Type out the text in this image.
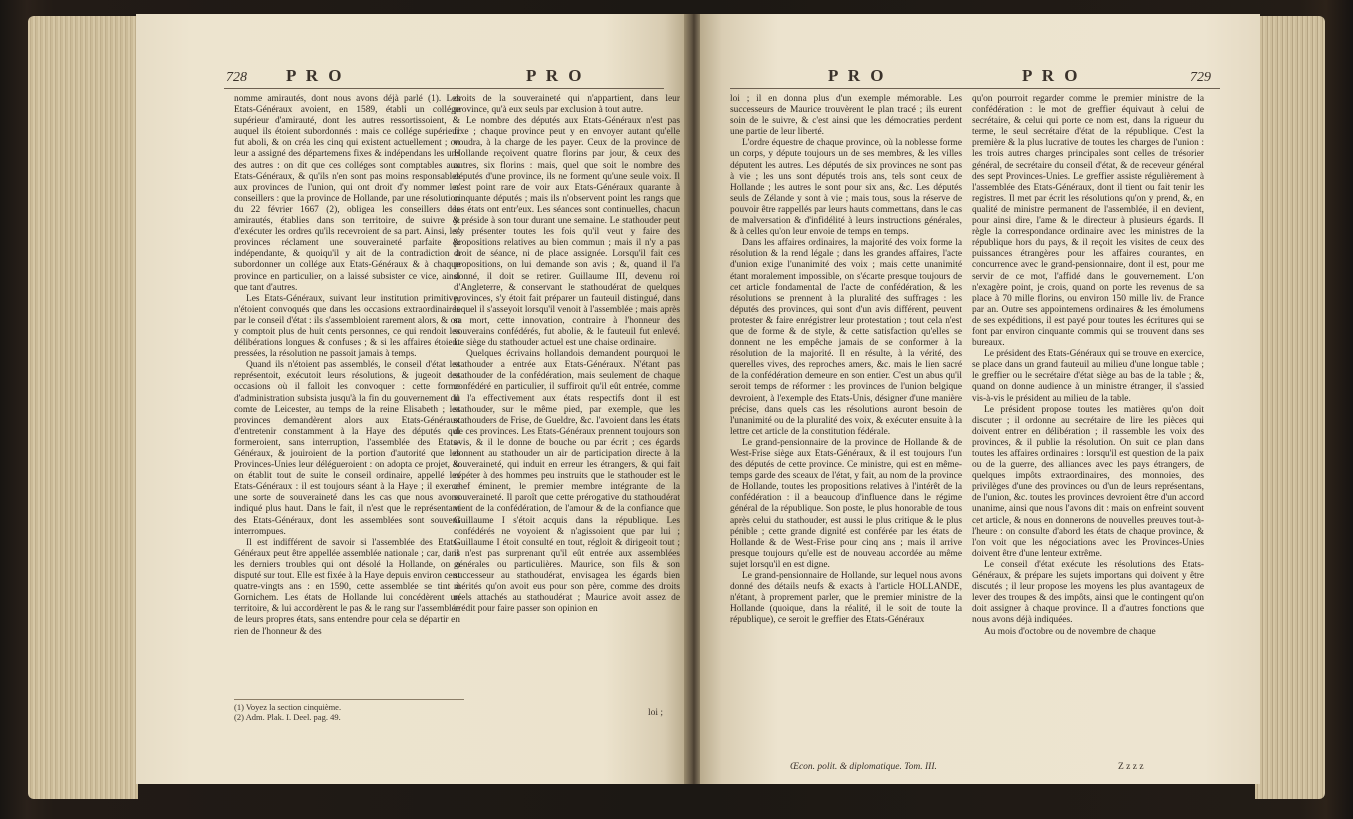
728 P R O	P R O

nomme amirautés, dont nous avons déjà parlé (1). Les Etats-Généraux avoient, en 1589, établi un collége supérieur d'amirauté, dont les autres ressortissoient, & auquel ils étoient subordonnés : mais ce collége supérieur fut aboli, & on créa les cinq qui existent actuellement ; on leur a assigné des départemens fixes & indépendans les uns des autres : on dit que ces colléges sont comptables aux Etats-Généraux, & qu'ils n'en sont pas moins responsables aux provinces de l'union, qui ont droit d'y nommer les conseillers : que la province de Hollande, par une résolution du 22 février 1667 (2), obligea les conseillers des amirautés, établies dans son territoire, de suivre & d'exécuter les ordres qu'ils recevroient de sa part. Ainsi, les provinces réclament une souveraineté parfaite & indépendante, & quoiqu'il y ait de la contradiction à subordonner un collége aux Etats-Généraux & à chaque province en particulier, on a laissé subsister ce vice, ainsi que tant d'autres.

Les Etats-Généraux, suivant leur institution primitive, n'étoient convoqués que dans les occasions extraordinaires par le conseil d'état : ils s'assembloient rarement alors, & on y comptoit plus de huit cents personnes, ce qui rendoit les délibérations longues & confuses ; & si les affaires étoient pressées, la résolution ne passoit jamais à temps.

Quand ils n'étoient pas assemblés, le conseil d'état les représentoit, exécutoit leurs résolutions, & jugeoit des occasions où il falloit les convoquer : cette forme d'administration subsista jusqu'à la fin du gouvernement du comte de Leicester, au temps de la reine Elisabeth ; les provinces demandèrent alors aux Etats-Généraux d'entretenir constamment à la Haye des députés qui formeroient, sans interruption, l'assemblée des Etats-Généraux, & jouiroient de la portion d'autorité que les Provinces-Unies leur délégueroient : on adopta ce projet, & on établit tout de suite le conseil ordinaire, appellé les Etats-Généraux : il est toujours séant à la Haye ; il exerce une sorte de souveraineté dans les cas que nous avons indiqué plus haut. Dans le fait, il n'est que le représentant des Etats-Généraux, dont les assemblées sont souvent interrompues.

Il est indifférent de savoir si l'assemblée des Etats-Généraux peut être appellée assemblée nationale ; car, dans les derniers troubles qui ont désolé la Hollande, on a disputé sur tout. Elle est fixée à la Haye depuis environ cent quatre-vingts ans : en 1590, cette assemblée se tint à Gornichem. Les états de Hollande lui concédèrent un territoire, & lui accordèrent le pas & le rang sur l'assemblée de leurs propres états, sans entendre pour cela se départir en rien de l'honneur & des

droits de la souveraineté qui n'appartient, dans leur province, qu'à eux seuls par exclusion à tout autre.

Le nombre des députés aux Etats-Généraux n'est pas fixe ; chaque province peut y en envoyer autant qu'elle voudra, à la charge de les payer. Ceux de la province de Hollande reçoivent quatre florins par jour, & ceux des autres, six florins : mais, quel que soit le nombre des députés d'une province, ils ne forment qu'une seule voix. Il n'est point rare de voir aux Etats-Généraux quarante à cinquante députés ; mais ils n'observent point les rangs que les états ont entr'eux. Les séances sont continuelles, chacun y préside à son tour durant une semaine. Le stathouder peut s'y présenter toutes les fois qu'il veut y faire des propositions relatives au bien commun ; mais il n'y a pas droit de séance, ni de place assignée. Lorsqu'il fait ces propositions, on lui demande son avis ; &, quand il l'a donné, il doit se retirer. Guillaume III, devenu roi d'Angleterre, & conservant le stathoudérat de quelques provinces, s'y étoit fait préparer un fauteuil distingué, dans lequel il s'asseyoit lorsqu'il venoit à l'assemblée ; mais après sa mort, cette innovation, contraire à l'honneur des souverains confédérés, fut abolie, & le fauteuil fut enlevé. Le siège du stathouder actuel est une chaise ordinaire.

Quelques écrivains hollandois demandent pourquoi le stathouder a entrée aux Etats-Généraux. N'étant pas stathouder de la confédération, mais seulement de chaque confédéré en particulier, il suffiroit qu'il eût entrée, comme il l'a effectivement aux états respectifs dont il est stathouder, sur le même pied, par exemple, que les stathouders de Frise, de Gueldre, &c. l'avoient dans les états de ces provinces. Les Etats-Généraux prennent toujours son avis, & il le donne de bouche ou par écrit ; ces égards donnent au stathouder un air de participation directe à la souveraineté, qui induit en erreur les étrangers, & qui fait répéter à des hommes peu instruits que le stathouder est le chef éminent, le premier membre intégrante de la souveraineté. Il paroît que cette prérogative du stathoudérat vient de la confédération, de l'amour & de la confiance que Guillaume I s'étoit acquis dans la république. Les confédérés ne voyoient & n'agissoient que par lui ; Guillaume I étoit consulté en tout, régloit & dirigeoit tout ; il n'est pas surprenant qu'il eût entrée aux assemblées générales ou particulières. Maurice, son fils & son successeur au stathoudérat, envisagea les égards bien mérités qu'on avoit eus pour son père, comme des droits réels attachés au stathoudérat ; Maurice avoit assez de crédit pour faire passer son opinion en

(1) Voyez la section cinquième.
(2) Adm. Plak. I. Deel. pag. 49.	loi ;
P R O	P R O	729

loi ; il en donna plus d'un exemple mémorable. Les successeurs de Maurice trouvèrent le plan tracé ; ils eurent soin de le suivre, & c'est ainsi que les démocraties perdent une partie de leur liberté.

L'ordre équestre de chaque province, où la noblesse forme un corps, y députe toujours un de ses membres, & les villes députent les autres. Les députés de six provinces ne sont pas à vie ; les uns sont députés trois ans, tels sont ceux de Hollande ; les autres le sont pour six ans, &c. Les députés seuls de Zélande y sont à vie ; mais tous, sous la réserve de pouvoir être rappellés par leurs hauts commettans, dans le cas de malversation & d'infidélité à leurs instructions générales, & à celles qu'on leur envoie de temps en temps.

Dans les affaires ordinaires, la majorité des voix forme la résolution & la rend légale ; dans les grandes affaires, l'acte d'union exige l'unanimité des voix ; mais cette unanimité étant moralement impossible, on s'écarte presque toujours de cet article fondamental de l'acte de confédération, & les résolutions se prennent à la pluralité des suffrages : les députés des provinces, qui sont d'un avis différent, peuvent protester & faire enrégistrer leur protestation ; tout cela n'est que de forme & de style, & cette satisfaction qu'elles se donnent ne les empêche jamais de se conformer à la résolution de la majorité. Il en résulte, à la vérité, des querelles vives, des reproches amers, &c. mais le lien sacré de la confédération demeure en son entier. C'est un abus qu'il seroit temps de réformer : les provinces de l'union belgique devroient, à l'exemple des Etats-Unis, désigner d'une manière précise, dans quels cas les résolutions auront besoin de l'unanimité ou de la pluralité des voix, & exécuter ensuite à la lettre cet article de la constitution fédérale.

Le grand-pensionnaire de la province de Hollande & de West-Frise siège aux Etats-Généraux, & il est toujours l'un des députés de cette province. Ce ministre, qui est en même-temps garde des sceaux de l'état, y fait, au nom de la province de Hollande, toutes les propositions relatives à l'intérêt de la confédération : il a beaucoup d'influence dans le régime général de la république. Son poste, le plus honorable de tous après celui du stathouder, est aussi le plus critique & le plus pénible ; cette grande dignité est conférée par les états de Hollande & de West-Frise pour cinq ans ; mais il arrive presque toujours qu'elle est de nouveau accordée au même sujet lorsqu'il en est digne.

Le grand-pensionnaire de Hollande, sur lequel nous avons donné des détails neufs & exacts à l'article HOLLANDE, n'étant, à proprement parler, que le premier ministre de la Hollande (quoique, dans la réalité, il le soit de toute la république), ce seroit le greffier des Etats-Généraux

qu'on pourroit regarder comme le premier ministre de la confédération : le mot de greffier équivaut à celui de secrétaire, & celui qui porte ce nom est, dans la rigueur du terme, le seul secrétaire d'état de la république. C'est la première & la plus lucrative de toutes les charges de l'union : les trois autres charges principales sont celles de trésorier général, de secrétaire du conseil d'état, & de receveur général des sept Provinces-Unies. Le greffier assiste régulièrement à l'assemblée des Etats-Généraux, dont il tient ou fait tenir les registres. Il met par écrit les résolutions qu'on y prend, &, en qualité de ministre permanent de l'assemblée, il en devient, pour ainsi dire, l'ame & le directeur à plusieurs égards. Il règle la correspondance ordinaire avec les ministres de la république hors du pays, & il reçoit les visites de ceux des puissances étrangères pour les affaires courantes, en concurrence avec le grand-pensionnaire, dont il est, pour me servir de ce mot, l'affidé dans le gouvernement. L'on n'exagère point, je crois, quand on porte les revenus de sa place à 70 mille florins, ou environ 150 mille liv. de France par an. Outre ses appointemens ordinaires & les émolumens de ses expéditions, il est payé pour toutes les écritures qui se font par environ cinquante commis qui se trouvent dans ses bureaux.

Le président des Etats-Généraux qui se trouve en exercice, se place dans un grand fauteuil au milieu d'une longue table ; le greffier ou le secrétaire d'état siège au bas de la table ; &, quand on donne audience à un ministre étranger, il s'assied vis-à-vis le président au milieu de la table.

Le président propose toutes les matières qu'on doit discuter ; il ordonne au secrétaire de lire les pièces qui doivent entrer en délibération ; il rassemble les voix des provinces, & il publie la résolution. On suit ce plan dans toutes les affaires ordinaires : lorsqu'il est question de la paix ou de la guerre, des alliances avec les pays étrangers, de quelques impôts extraordinaires, des monnoies, des privilèges d'une des provinces ou d'un de leurs représentans, de l'union, &c. toutes les provinces devroient être d'un accord unanime, ainsi que nous l'avons dit : mais on enfreint souvent cet article, & nous en donnerons de nouvelles preuves tout-à-l'heure : on consulte d'abord les états de chaque province, & l'on voit que les négociations avec les Provinces-Unies doivent être d'une lenteur extrême.

Le conseil d'état exécute les résolutions des Etats-Généraux, & prépare les sujets importans qui doivent y être discutés ; il leur propose les moyens les plus avantageux de lever des troupes & des impôts, ainsi que le contingent qu'on doit assigner à chaque province. Il a d'autres fonctions que nous avons déjà indiquées.

Au mois d'octobre ou de novembre de chaque

Œcon. polit. & diplomatique. Tom. III.	Z z z z
